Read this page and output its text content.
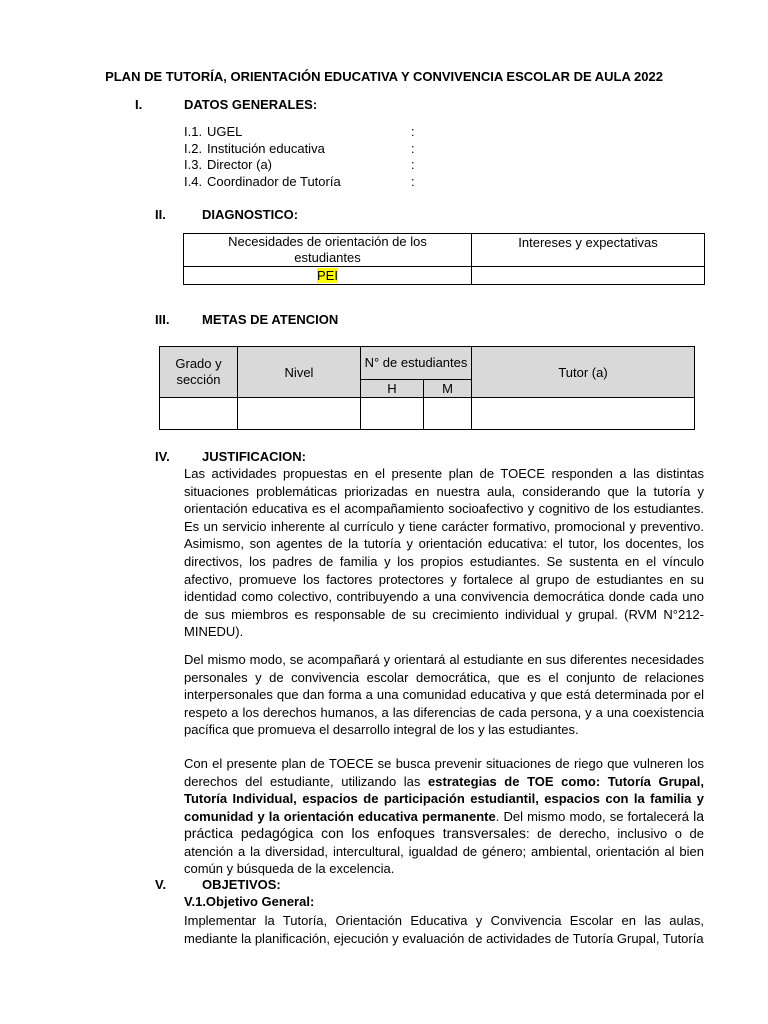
PLAN DE TUTORÍA, ORIENTACIÓN EDUCATIVA Y CONVIVENCIA ESCOLAR DE AULA 2022
I.	DATOS GENERALES:
I.1. UGEL	:
I.2. Institución educativa	:
I.3. Director (a)	:
I.4. Coordinador de Tutoría	:
II.	DIAGNOSTICO:
Necesidades de orientación de los estudiantes	Intereses y expectativas
PEI	
III.	METAS DE ATENCION
Grado y sección	Nivel	N° de estudiantes		Tutor (a)
		H	M	

IV. JUSTIFICACION:

Las actividades propuestas en el presente plan de TOECE responden a las distintas situaciones problemáticas priorizadas en nuestra aula, considerando que la tutoría y orientación educativa es el acompañamiento socioafectivo y cognitivo de los estudiantes. Es un servicio inherente al currículo y tiene carácter formativo, promocional y preventivo. Asimismo, son agentes de la tutoría y orientación educativa: el tutor, los docentes, los directivos, los padres de familia y los propios estudiantes. Se sustenta en el vínculo afectivo, promueve los factores protectores y fortalece al grupo de estudiantes en su identidad como colectivo, contribuyendo a una convivencia democrática donde cada uno de sus miembros es responsable de su crecimiento individual y grupal. (RVM N°212-MINEDU).

Del mismo modo, se acompañará y orientará al estudiante en sus diferentes necesidades personales y de convivencia escolar democrática, que es el conjunto de relaciones interpersonales que dan forma a una comunidad educativa y que está determinada por el respeto a los derechos humanos, a las diferencias de cada persona, y a una coexistencia pacífica que promueva el desarrollo integral de los y las estudiantes.

Con el presente plan de TOECE se busca prevenir situaciones de riego que vulneren los derechos del estudiante, utilizando las estrategias de TOE como: Tutoría Grupal, Tutoría Individual, espacios de participación estudiantil, espacios con la familia y comunidad y la orientación educativa permanente. Del mismo modo, se fortalecerá la práctica pedagógica con los enfoques transversales: de derecho, inclusivo o de atención a la diversidad, intercultural, igualdad de género; ambiental, orientación al bien común y búsqueda de la excelencia.

V.	OBJETIVOS:
V.1.Objetivo General:

Implementar la Tutoría, Orientación Educativa y Convivencia Escolar en las aulas, mediante la planificación, ejecución y evaluación de actividades de Tutoría Grupal, Tutoría
